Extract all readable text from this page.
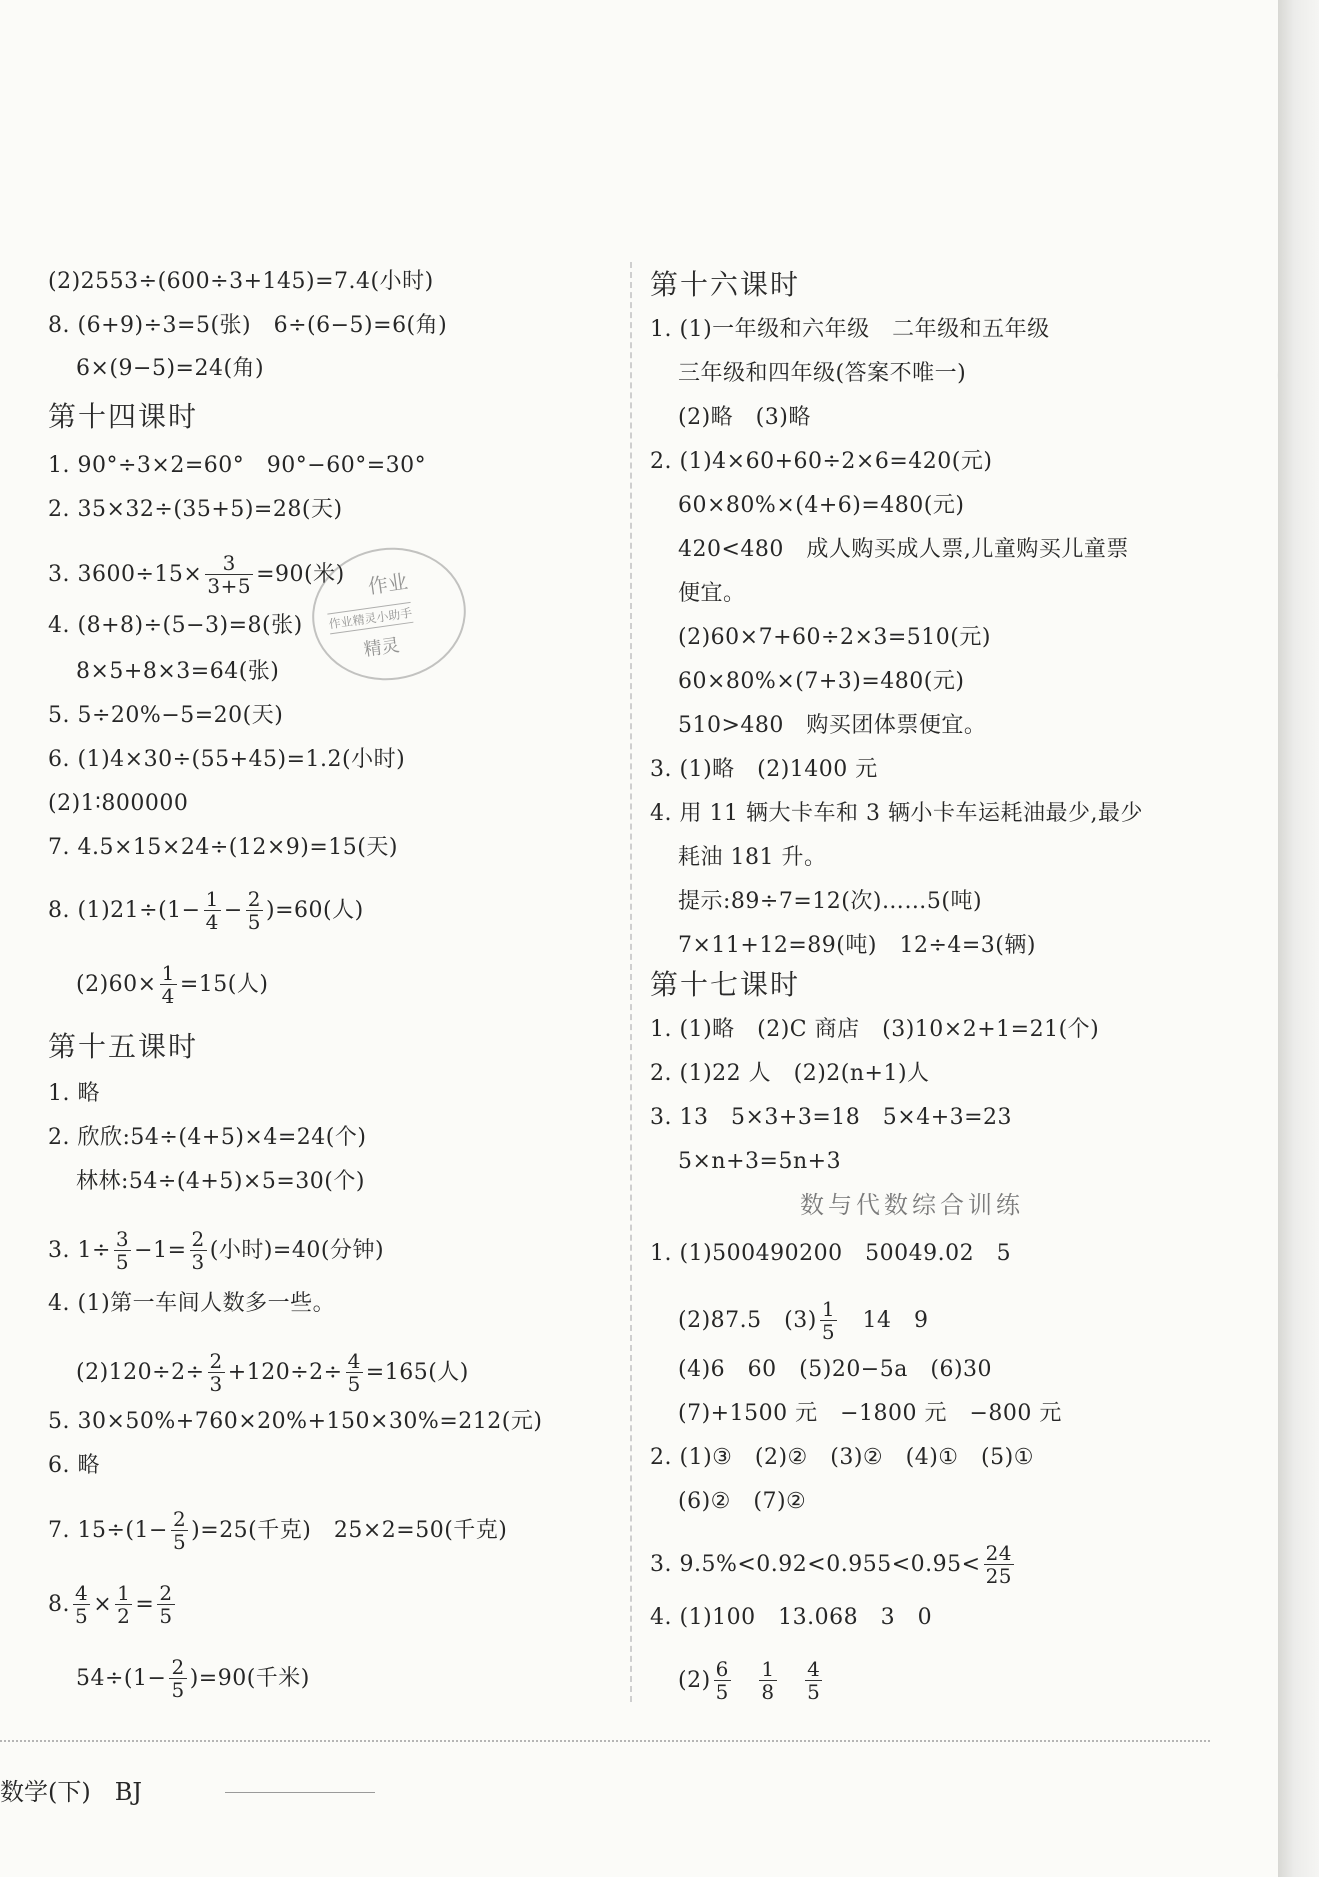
(2)2553÷(600÷3+145)=7.4(小时)
8. (6+9)÷3=5(张)　6÷(6−5)=6(角)
6×(9−5)=24(角)
第十四课时
1. 90°÷3×2=60°　90°−60°=30°
2. 35×32÷(35+5)=28(天)
3. $3600\div 15\times \frac{3}{3+5} =90$(米)
4. (8+8)÷(5−3)=8(张)
8×5+8×3=64(张)
5. 5÷20%−5=20(天)
6. (1)4×30÷(55+45)=1.2(小时)
(2)1∶800000
7. 4.5×15×24÷(12×9)=15(天)
8. $(1)21\div(1- \frac{1}{4} - \frac{2}{5} )=60$(人)
$(2)60\times \frac{1}{4} =15$(人)
第十五课时
1. 略
2. 欣欣:54÷(4+5)×4=24(个)
林林:54÷(4+5)×5=30(个)
3. $1\div \frac{3}{5} -1= \frac{2}{3}$ (小时)=40(分钟)
4. (1)第一车间人数多一些。
$(2)120\div 2\div \frac{2}{3} +120\div 2\div \frac{4}{5} =165$(人)
5. 30×50%+760×20%+150×30%=212(元)
6. 略
7. $15\div(1- \frac{2}{5} )=25$(千克)　25×2=50(千克)
8. $\frac{4}{5} \times \frac{1}{2} = \frac{2}{5}$
$54\div(1- \frac{2}{5} )=90$(千米)
第十六课时
1. (1)一年级和六年级　二年级和五年级
三年级和四年级(答案不唯一)
(2)略　(3)略
2. (1)4×60+60÷2×6=420(元)
60×80%×(4+6)=480(元)
420<480　成人购买成人票,儿童购买儿童票
便宜。
(2)60×7+60÷2×3=510(元)
60×80%×(7+3)=480(元)
510>480　购买团体票便宜。
3. (1)略　(2)1400 元
4. 用 11 辆大卡车和 3 辆小卡车运耗油最少,最少
耗油 181 升。
提示:89÷7=12(次)……5(吨)
7×11+12=89(吨)　12÷4=3(辆)
第十七课时
1. (1)略　(2)C 商店　(3)10×2+1=21(个)
2. (1)22 人　(2)2(n+1)人
3. 13　5×3+3=18　5×4+3=23
5×n+3=5n+3
数与代数综合训练
1. (1)500490200　50049.02　5
(2)87.5　$(3) \frac{1}{5}$ 　14　9
(4)6　60　(5)20−5a　(6)30
(7)+1500 元　−1800 元　−800 元
2. (1)③　(2)②　(3)②　(4)①　(5)①
(6)②　(7)②
3. 9.5%<0.92<0.955<0.9̇5< $\frac{24}{25}$
4. (1)100　13.068　3　0
$(2) \frac{6}{5}$
　 $\frac{1}{8}$
　 $\frac{4}{5}$
作业
作业精灵小助手
精灵
数学(下)　BJ
